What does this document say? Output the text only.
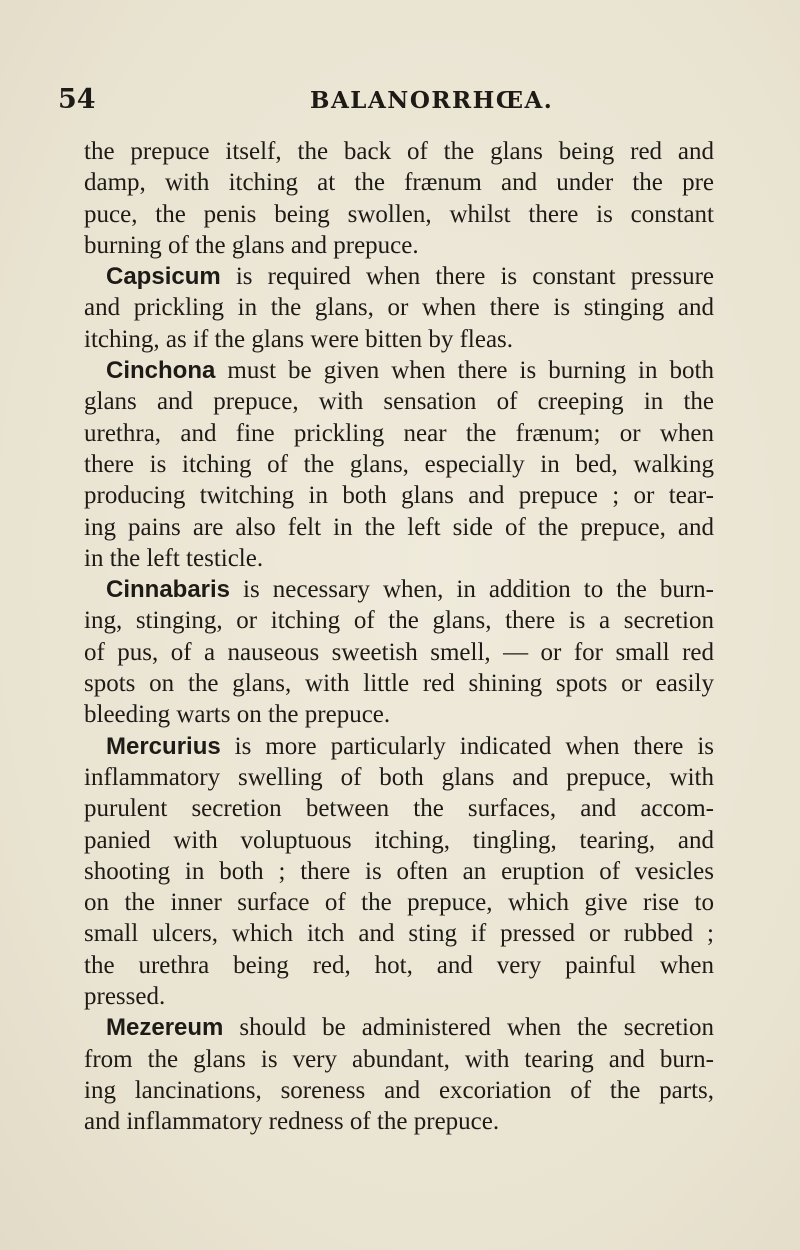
54	BALANORRHŒA.
the prepuce itself, the back of the glans being red and
damp, with itching at the frænum and under the pre
puce, the penis being swollen, whilst there is constant
burning of the glans and prepuce.
Capsicum is required when there is constant pressure
and prickling in the glans, or when there is stinging and
itching, as if the glans were bitten by fleas.
Cinchona must be given when there is burning in both
glans and prepuce, with sensation of creeping in the
urethra, and fine prickling near the frænum; or when
there is itching of the glans, especially in bed, walking
producing twitching in both glans and prepuce ; or tear-
ing pains are also felt in the left side of the prepuce, and
in the left testicle.
Cinnabaris is necessary when, in addition to the burn-
ing, stinging, or itching of the glans, there is a secretion
of pus, of a nauseous sweetish smell, — or for small red
spots on the glans, with little red shining spots or easily
bleeding warts on the prepuce.
Mercurius is more particularly indicated when there is
inflammatory swelling of both glans and prepuce, with
purulent secretion between the surfaces, and accom-
panied with voluptuous itching, tingling, tearing, and
shooting in both ; there is often an eruption of vesicles
on the inner surface of the prepuce, which give rise to
small ulcers, which itch and sting if pressed or rubbed ;
the urethra being red, hot, and very painful when
pressed.
Mezereum should be administered when the secretion
from the glans is very abundant, with tearing and burn-
ing lancinations, soreness and excoriation of the parts,
and inflammatory redness of the prepuce.
